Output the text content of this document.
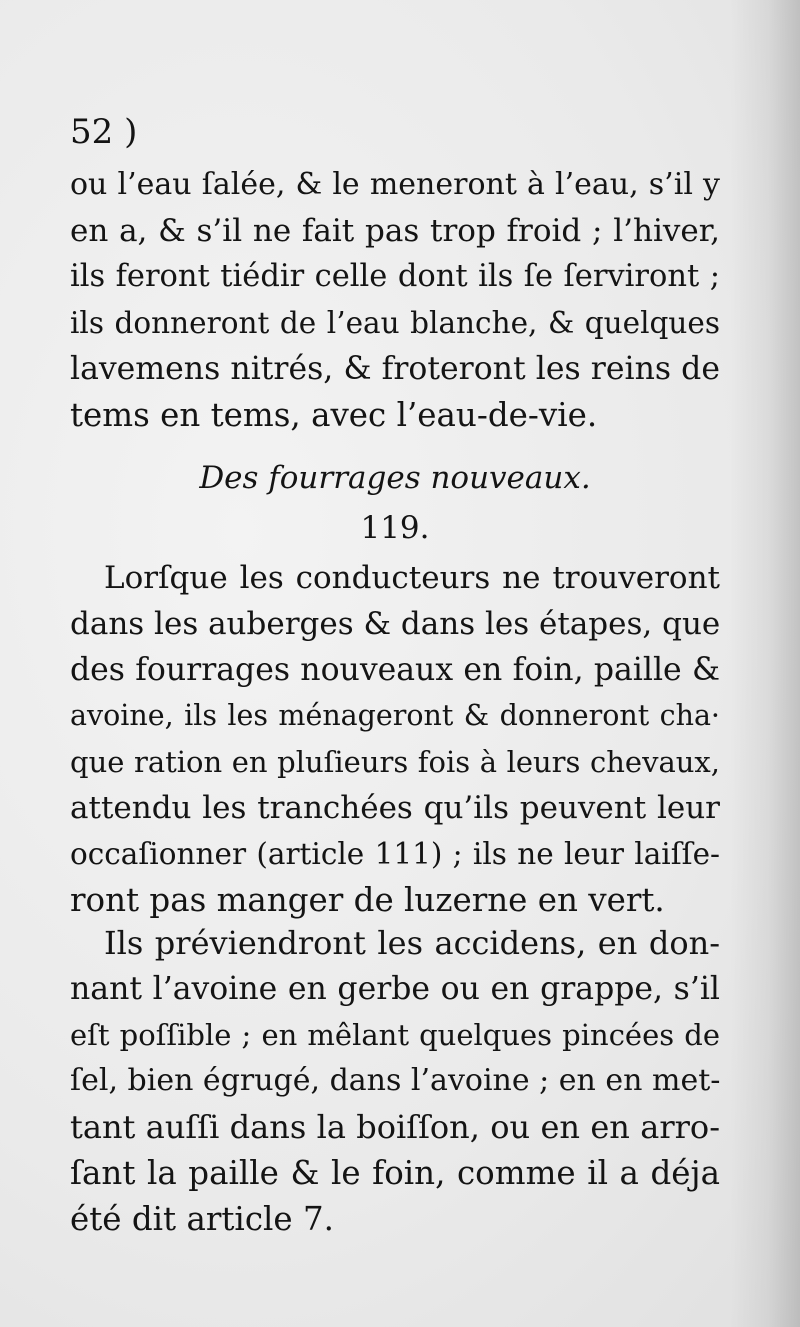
52 )
ou l’eau ſalée, & le meneront à l’eau, s’il y
en a, & s’il ne fait pas trop froid ; l’hiver,
ils feront tiédir celle dont ils ſe ſerviront ;
ils donneront de l’eau blanche, & quelques
lavemens nitrés, & froteront les reins de
tems en tems, avec l’eau-de-vie.
Des fourrages nouveaux.
119.
Lorſque les conducteurs ne trouveront
dans les auberges & dans les étapes, que
des fourrages nouveaux en foin, paille &
avoine, ils les ménageront & donneront cha·
que ration en pluſieurs fois à leurs chevaux,
attendu les tranchées qu’ils peuvent leur
occaſionner (article 111) ; ils ne leur laiſſe-
ront pas manger de luzerne en vert.
Ils préviendront les accidens, en don-
nant l’avoine en gerbe ou en grappe, s’il
eſt poſſible ; en mêlant quelques pincées de
ſel, bien égrugé, dans l’avoine ; en en met-
tant auſſi dans la boiſſon, ou en en arro-
ſant la paille & le foin, comme il a déja
été dit article 7.
